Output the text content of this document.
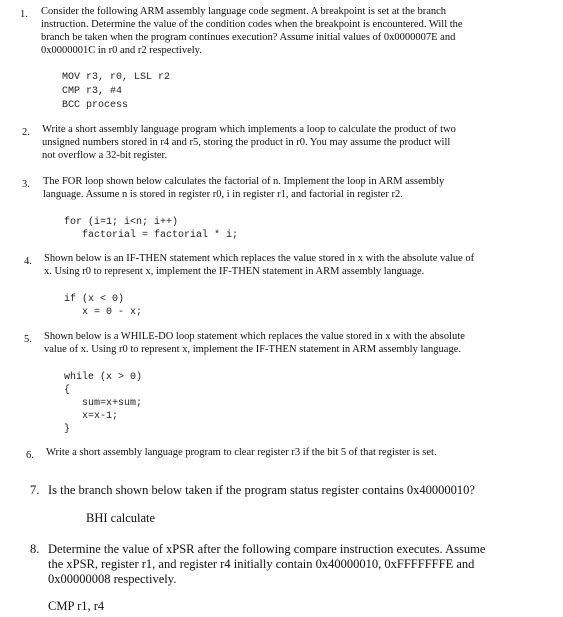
1. Consider the following ARM assembly language code segment. A breakpoint is set at the branch
instruction. Determine the value of the condition codes when the breakpoint is encountered. Will the
branch be taken when the program continues execution? Assume initial values of 0x0000007E and
0x0000001C in r0 and r2 respectively.
MOV r3, r0, LSL r2
CMP r3, #4
BCC process
2. Write a short assembly language program which implements a loop to calculate the product of two
unsigned numbers stored in r4 and r5, storing the product in r0. You may assume the product will
not overflow a 32-bit register.
3. The FOR loop shown below calculates the factorial of n. Implement the loop in ARM assembly
language. Assume n is stored in register r0, i in register r1, and factorial in register r2.
for (i=1; i<n; i++)
factorial = factorial * i;
4. Shown below is an IF-THEN statement which replaces the value stored in x with the absolute value of
x. Using r0 to represent x, implement the IF-THEN statement in ARM assembly language.
if (x < 0)
x = 0 - x;
5. Shown below is a WHILE-DO loop statement which replaces the value stored in x with the absolute
value of x. Using r0 to represent x, implement the IF-THEN statement in ARM assembly language.
while (x > 0)
{
sum=x+sum;
x=x-1;
}
6. Write a short assembly language program to clear register r3 if the bit 5 of that register is set.
7. Is the branch shown below taken if the program status register contains 0x40000010?
BHI calculate
8. Determine the value of xPSR after the following compare instruction executes. Assume
the xPSR, register r1, and register r4 initially contain 0x40000010, 0xFFFFFFFE and
0x00000008 respectively.
CMP r1, r4
